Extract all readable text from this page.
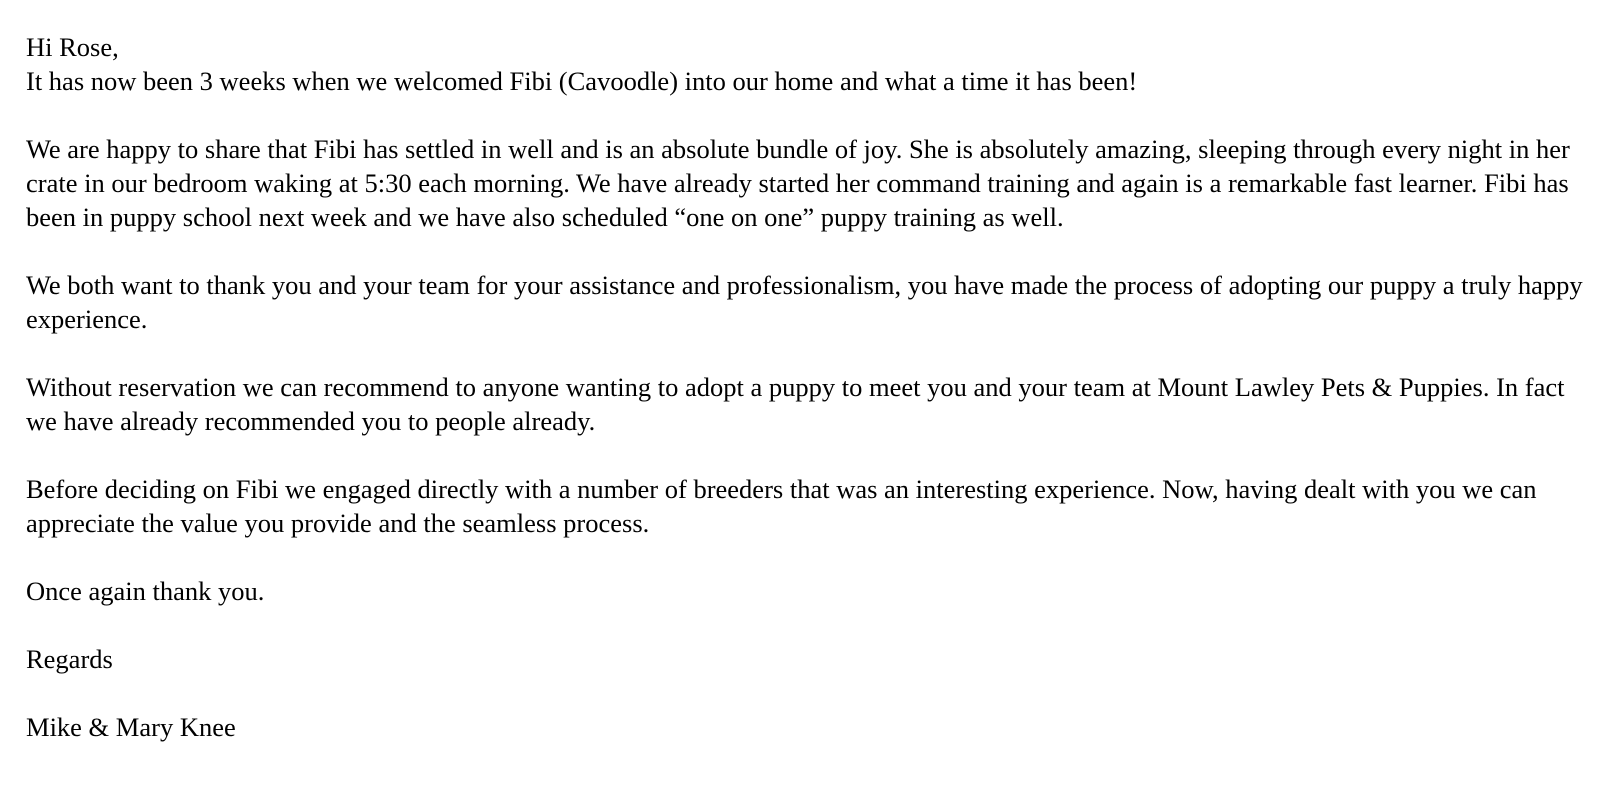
Hi Rose,

It has now been 3 weeks when we welcomed Fibi (Cavoodle) into our home and what a time it has been!

We are happy to share that Fibi has settled in well and is an absolute bundle of joy. She is absolutely amazing, sleeping through every night in her crate in our bedroom waking at 5:30 each morning. We have already started her command training and again is a remarkable fast learner. Fibi has been in puppy school next week and we have also scheduled “one on one” puppy training as well.

We both want to thank you and your team for your assistance and professionalism, you have made the process of adopting our puppy a truly happy experience.

Without reservation we can recommend to anyone wanting to adopt a puppy to meet you and your team at Mount Lawley Pets & Puppies. In fact we have already recommended you to people already.

Before deciding on Fibi we engaged directly with a number of breeders that was an interesting experience. Now, having dealt with you we can appreciate the value you provide and the seamless process.

Once again thank you.

Regards

Mike & Mary Knee
